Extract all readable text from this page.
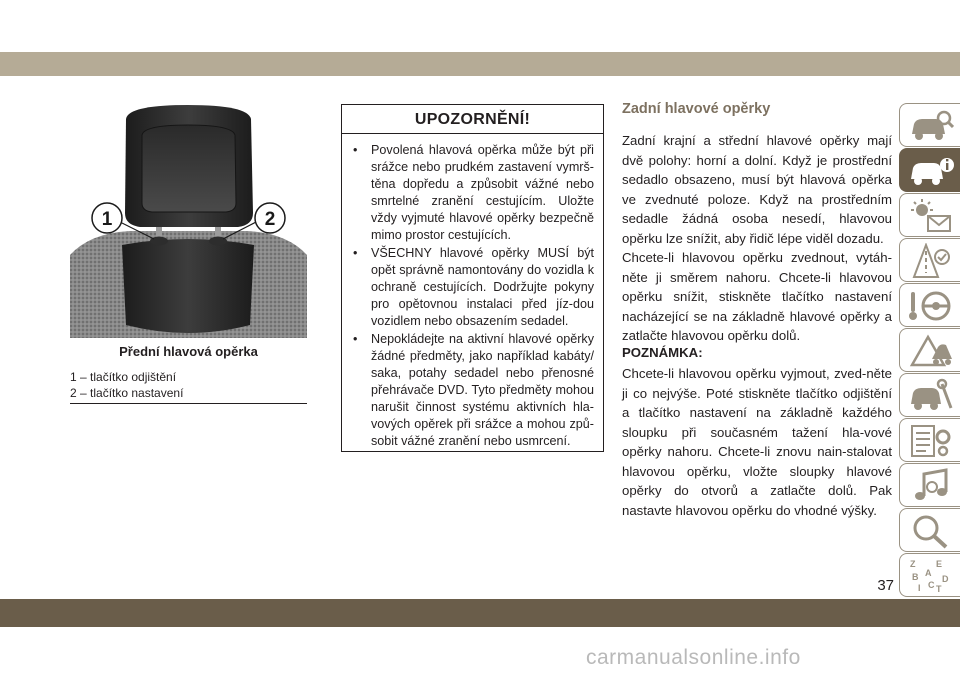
1	2
Přední hlavová opěrka
1 – tlačítko odjištění
2 – tlačítko nastavení
UPOZORNĚNÍ!
• Povolená hlavová opěrka může být při srážce nebo prudkém zastavení vymrš-těna dopředu a způsobit vážné nebo smrtelné zranění cestujícím. Uložte vždy vyjmuté hlavové opěrky bezpečně mimo prostor cestujících.
• VŠECHNY hlavové opěrky MUSÍ být opět správně namontovány do vozidla k ochraně cestujících. Dodržujte pokyny pro opětovnou instalaci před jíz-dou vozidlem nebo obsazením sedadel.
• Nepokládejte na aktivní hlavové opěrky žádné předměty, jako například kabáty/ saka, potahy sedadel nebo přenosné přehrávače DVD. Tyto předměty mohou narušit činnost systému aktivních hla-vových opěrek při srážce a mohou způ-sobit vážné zranění nebo usmrcení.
Zadní hlavové opěrky

Zadní krajní a střední hlavové opěrky mají dvě polohy: horní a dolní. Když je prostřední sedadlo obsazeno, musí být hlavová opěrka ve zvednuté poloze. Když na prostředním sedadle žádná osoba nesedí, hlavovou opěrku lze snížit, aby řidič lépe viděl dozadu.

Chcete-li hlavovou opěrku zvednout, vytáh-něte ji směrem nahoru. Chcete-li hlavovou opěrku snížit, stiskněte tlačítko nastavení nacházející se na základně hlavové opěrky a zatlačte hlavovou opěrku dolů.

POZNÁMKA:

Chcete-li hlavovou opěrku vyjmout, zved-něte ji co nejvýše. Poté stiskněte tlačítko odjištění a tlačítko nastavení na základně každého sloupku při současném tažení hla-vové opěrky nahoru. Chcete-li znovu nain-stalovat hlavovou opěrku, vložte sloupky hlavové opěrky do otvorů a zatlačte dolů. Pak nastavte hlavovou opěrku do vhodné výšky.

Z E
B A
I C T
D
37
carmanualsonline.info
